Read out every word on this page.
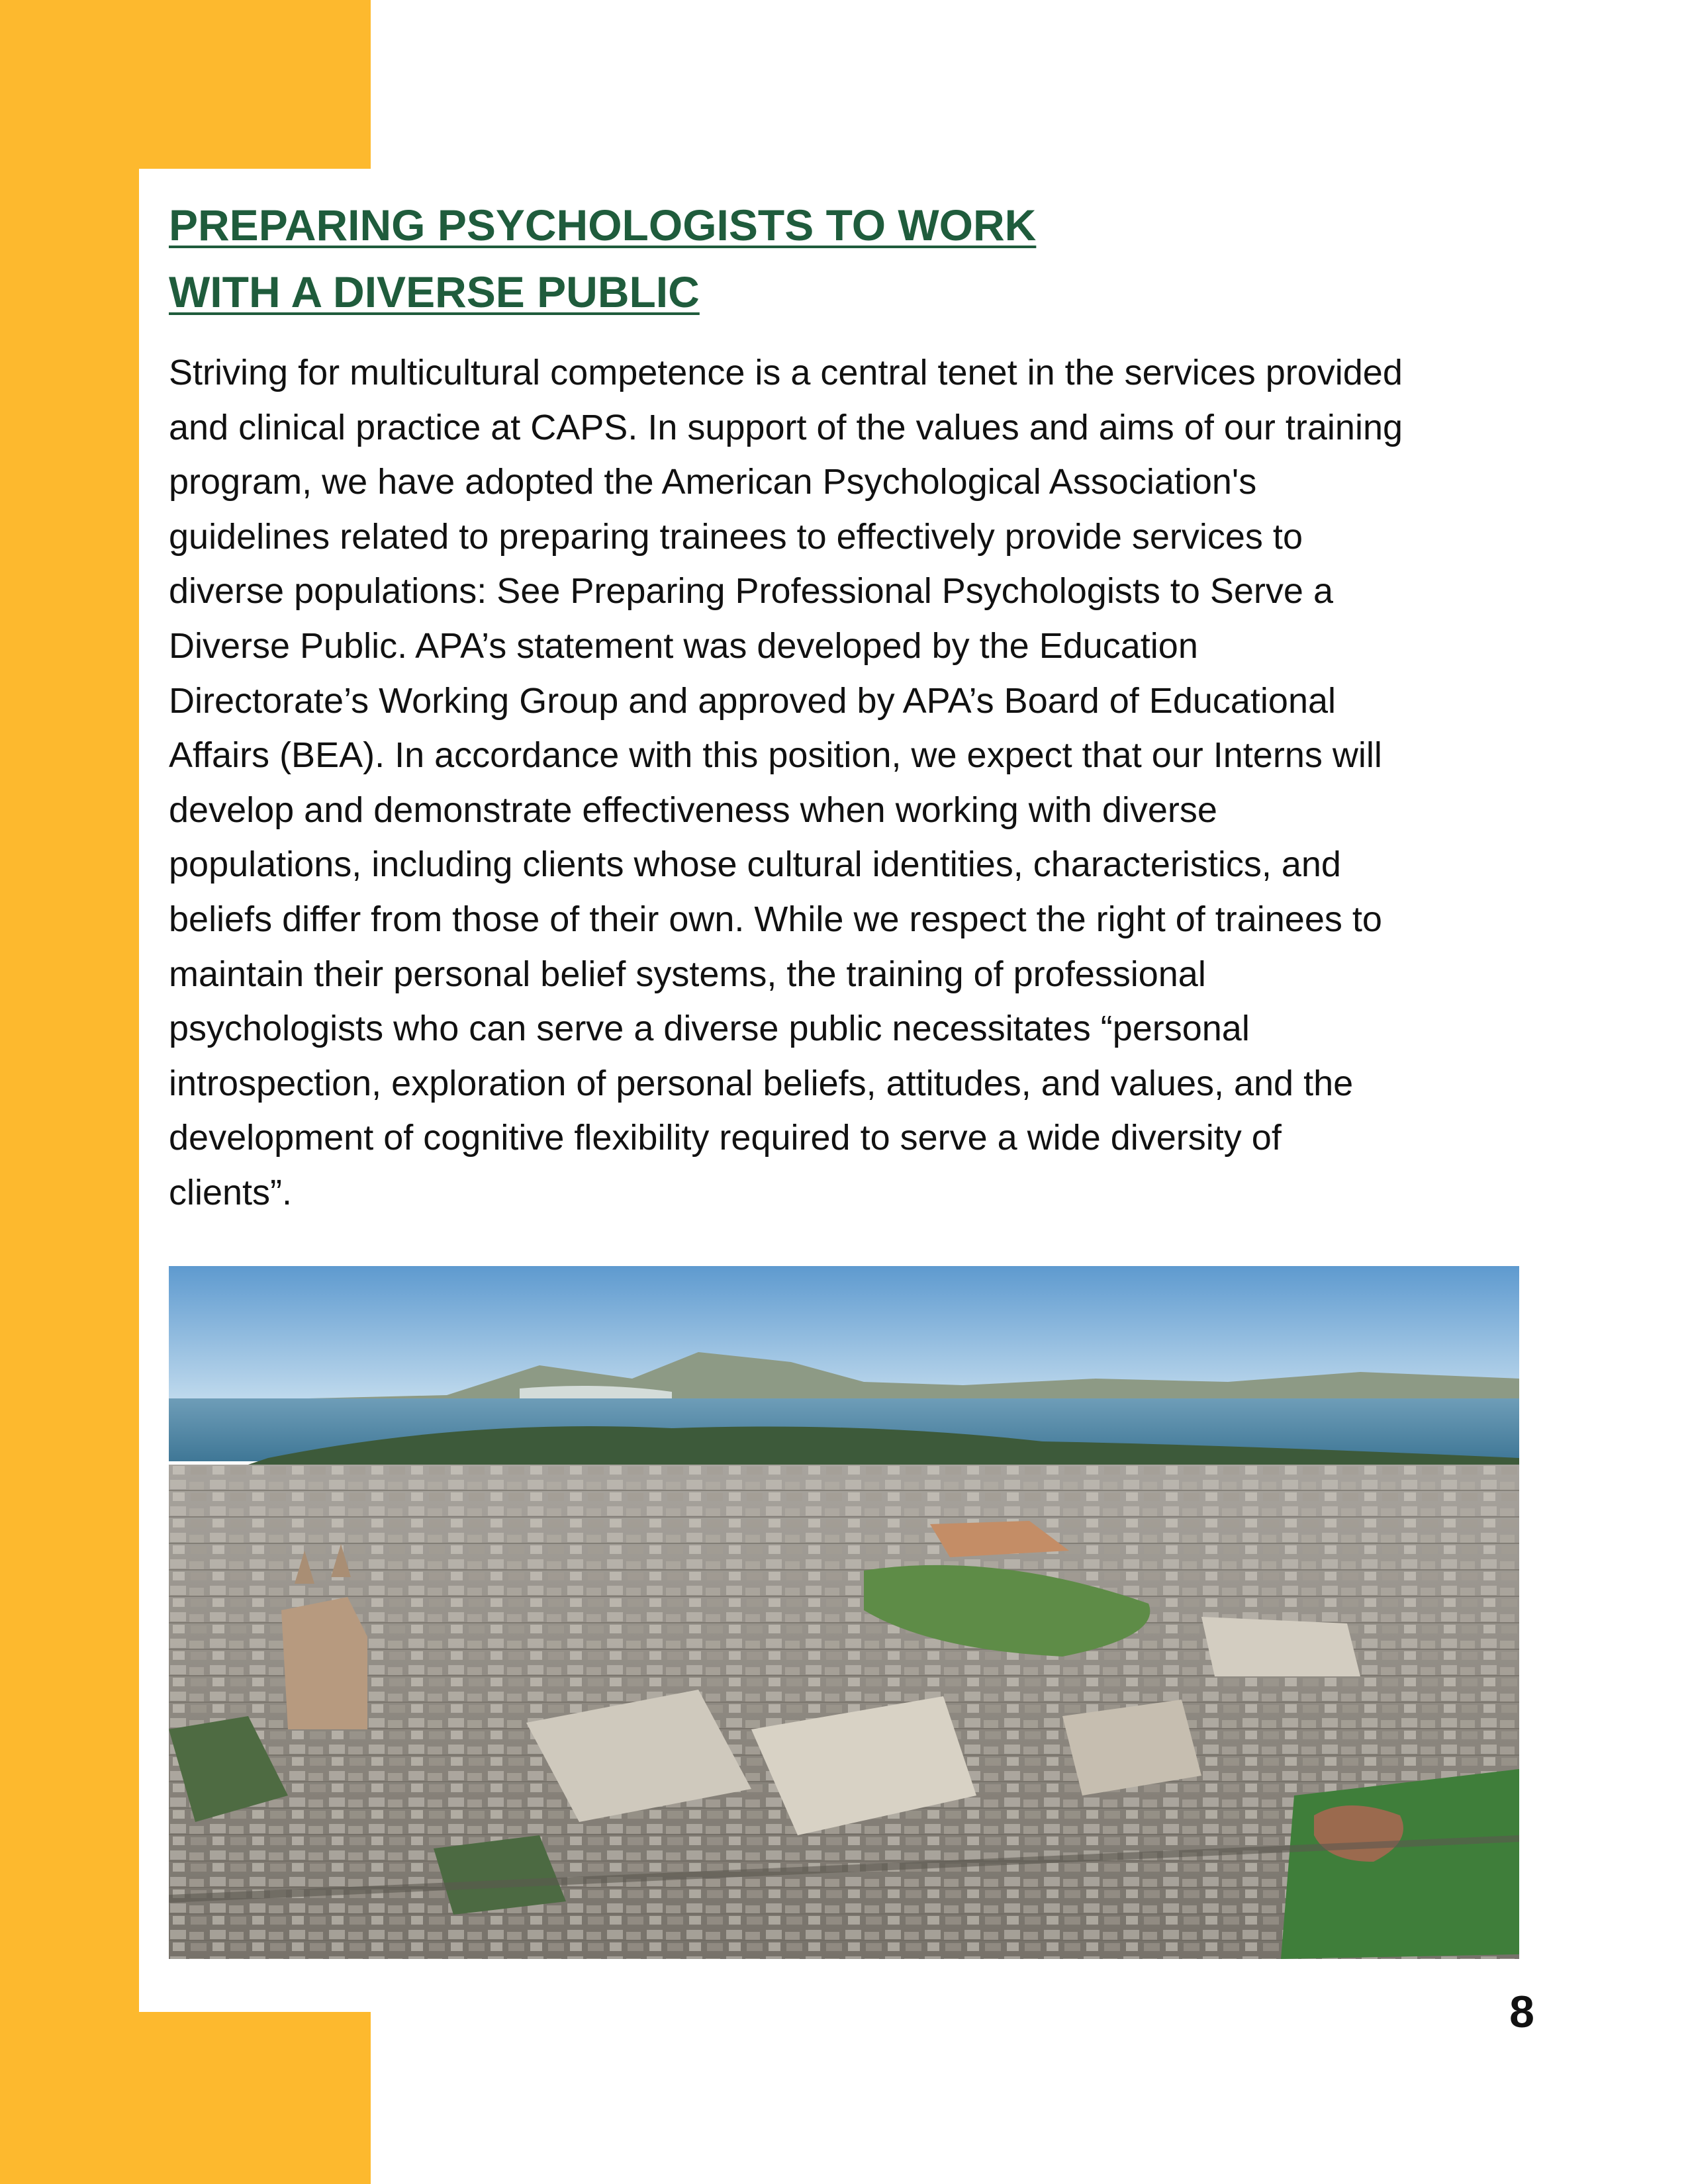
PREPARING PSYCHOLOGISTS TO WORK
WITH A DIVERSE PUBLIC
Striving for multicultural competence is a central tenet in the services provided
and clinical practice at CAPS. In support of the values and aims of our training
program, we have adopted the American Psychological Association's
guidelines related to preparing trainees to effectively provide services to
diverse populations: See Preparing Professional Psychologists to Serve a
Diverse Public. APA’s statement was developed by the Education
Directorate’s Working Group and approved by APA’s Board of Educational
Affairs (BEA). In accordance with this position, we expect that our Interns will
develop and demonstrate effectiveness when working with diverse
populations, including clients whose cultural identities, characteristics, and
beliefs differ from those of their own. While we respect the right of trainees to
maintain their personal belief systems, the training of professional
psychologists who can serve a diverse public necessitates “personal
introspection, exploration of personal beliefs, attitudes, and values, and the
development of cognitive flexibility required to serve a wide diversity of
clients”.
8
